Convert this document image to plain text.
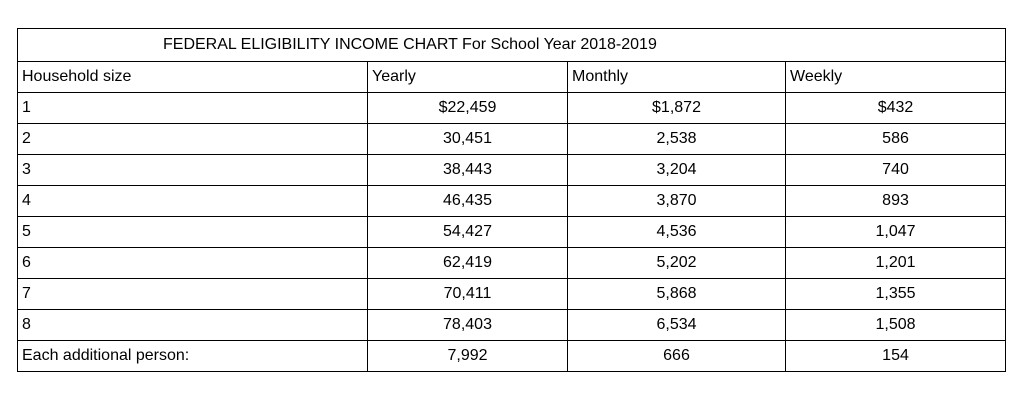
FEDERAL ELIGIBILITY INCOME CHART For School Year 2018-2019			
Household size	Yearly	Monthly	Weekly
1	$22,459	$1,872	$432
2	30,451	2,538	586
3	38,443	3,204	740
4	46,435	3,870	893
5	54,427	4,536	1,047
6	62,419	5,202	1,201
7	70,411	5,868	1,355
8	78,403	6,534	1,508
Each additional person:	7,992	666	154
